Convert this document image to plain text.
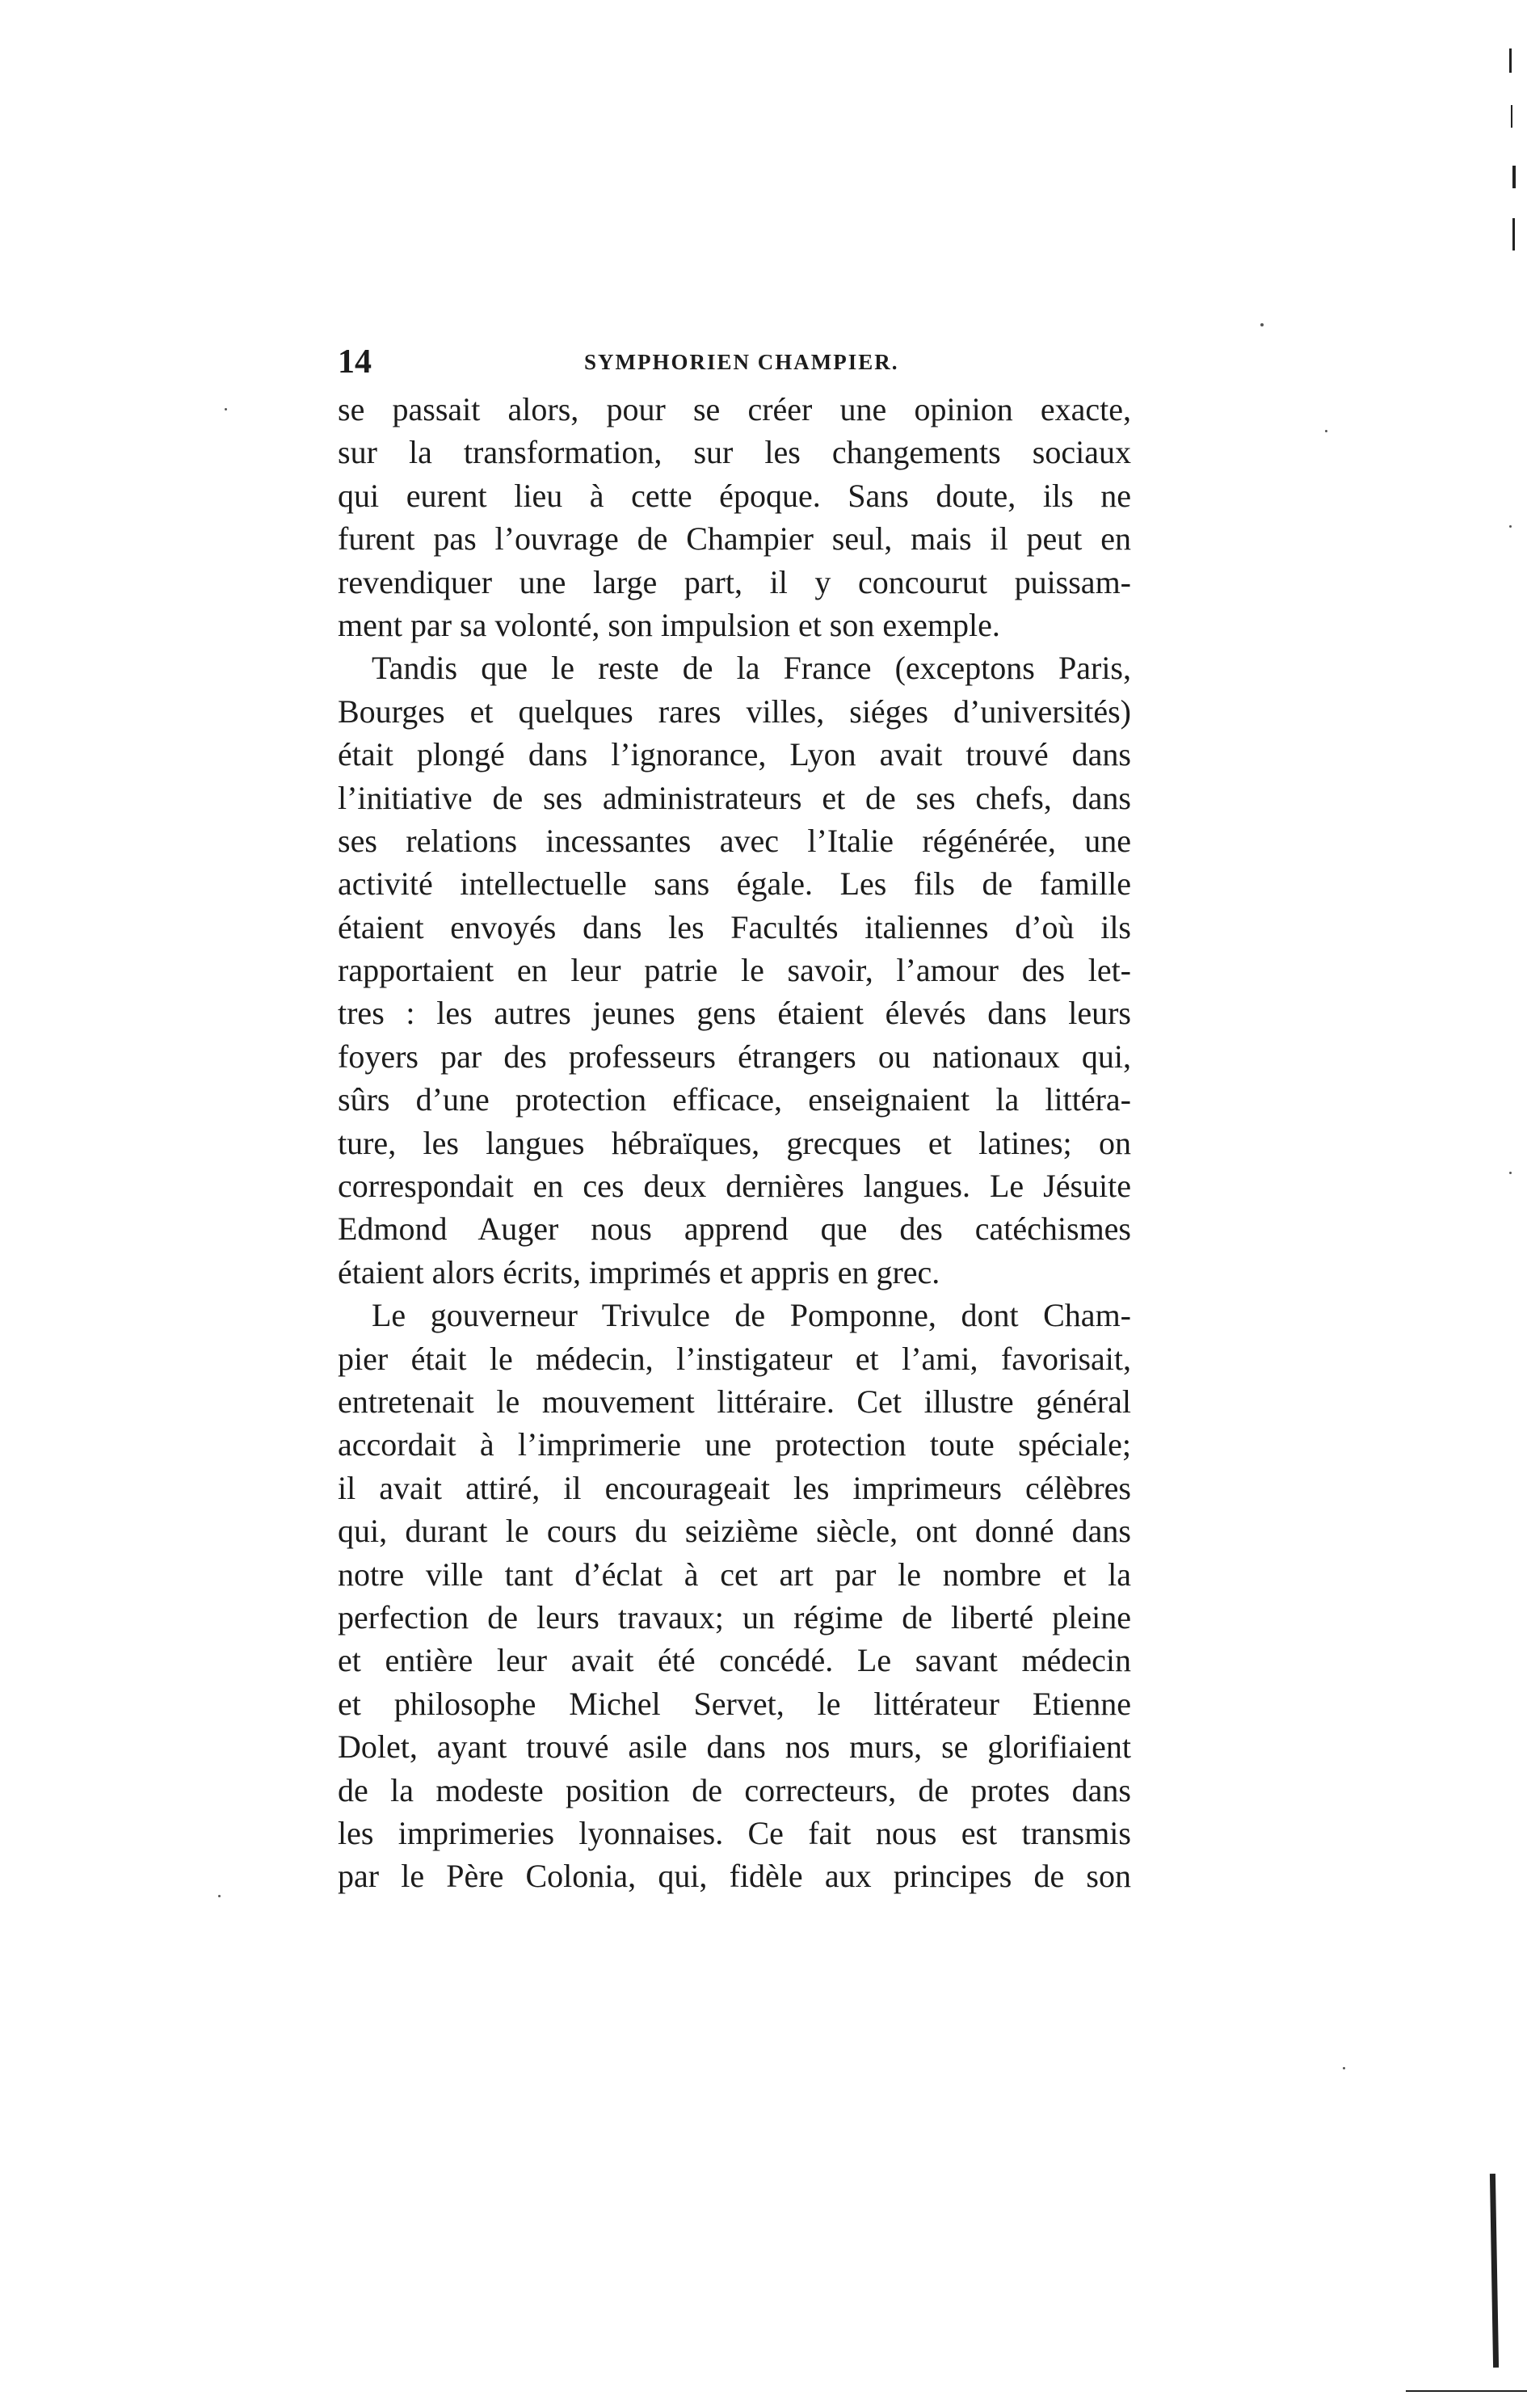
14	SYMPHORIEN CHAMPIER.
se passait alors, pour se créer une opinion exacte,
sur la transformation, sur les changements sociaux
qui eurent lieu à cette époque. Sans doute, ils ne
furent pas l’ouvrage de Champier seul, mais il peut en
revendiquer une large part, il y concourut puissam-
ment par sa volonté, son impulsion et son exemple.
Tandis que le reste de la France (exceptons Paris,
Bourges et quelques rares villes, siéges d’universités)
était plongé dans l’ignorance, Lyon avait trouvé dans
l’initiative de ses administrateurs et de ses chefs, dans
ses relations incessantes avec l’Italie régénérée, une
activité intellectuelle sans égale. Les fils de famille
étaient envoyés dans les Facultés italiennes d’où ils
rapportaient en leur patrie le savoir, l’amour des let-
tres : les autres jeunes gens étaient élevés dans leurs
foyers par des professeurs étrangers ou nationaux qui,
sûrs d’une protection efficace, enseignaient la littéra-
ture, les langues hébraïques, grecques et latines; on
correspondait en ces deux dernières langues. Le Jésuite
Edmond Auger nous apprend que des catéchismes
étaient alors écrits, imprimés et appris en grec.
Le gouverneur Trivulce de Pomponne, dont Cham-
pier était le médecin, l’instigateur et l’ami, favorisait,
entretenait le mouvement littéraire. Cet illustre général
accordait à l’imprimerie une protection toute spéciale;
il avait attiré, il encourageait les imprimeurs célèbres
qui, durant le cours du seizième siècle, ont donné dans
notre ville tant d’éclat à cet art par le nombre et la
perfection de leurs travaux; un régime de liberté pleine
et entière leur avait été concédé. Le savant médecin
et philosophe Michel Servet, le littérateur Etienne
Dolet, ayant trouvé asile dans nos murs, se glorifiaient
de la modeste position de correcteurs, de protes dans
les imprimeries lyonnaises. Ce fait nous est transmis
par le Père Colonia, qui, fidèle aux principes de son
